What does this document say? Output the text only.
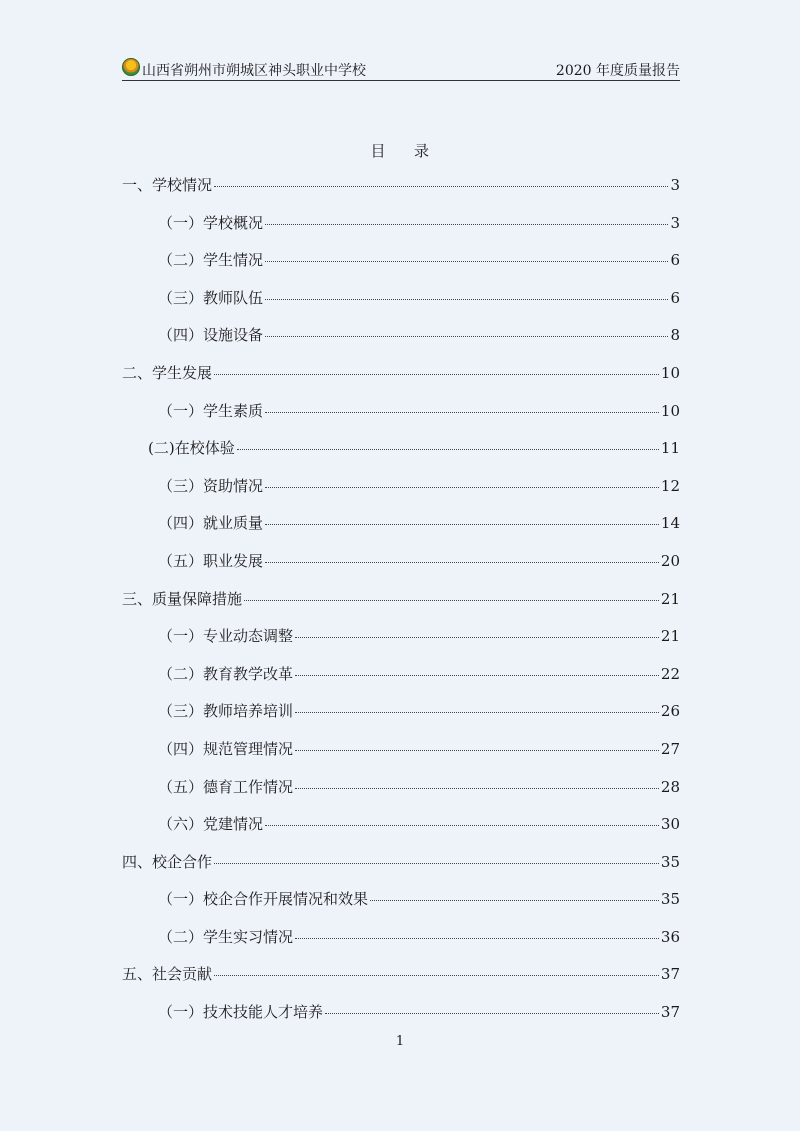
山西省朔州市朔城区神头职业中学校	2020 年度质量报告
目 录
一、学校情况	3
（一）学校概况	3
（二）学生情况	6
（三）教师队伍	6
（四）设施设备	8
二、学生发展	10
（一）学生素质	10
(二)在校体验	11
（三）资助情况	12
（四）就业质量	14
（五）职业发展	20
三、质量保障措施	21
（一）专业动态调整	21
（二）教育教学改革	22
（三）教师培养培训	26
（四）规范管理情况	27
（五）德育工作情况	28
（六）党建情况	30
四、校企合作	35
（一）校企合作开展情况和效果	35
（二）学生实习情况	36
五、社会贡献	37
（一）技术技能人才培养	37
1
